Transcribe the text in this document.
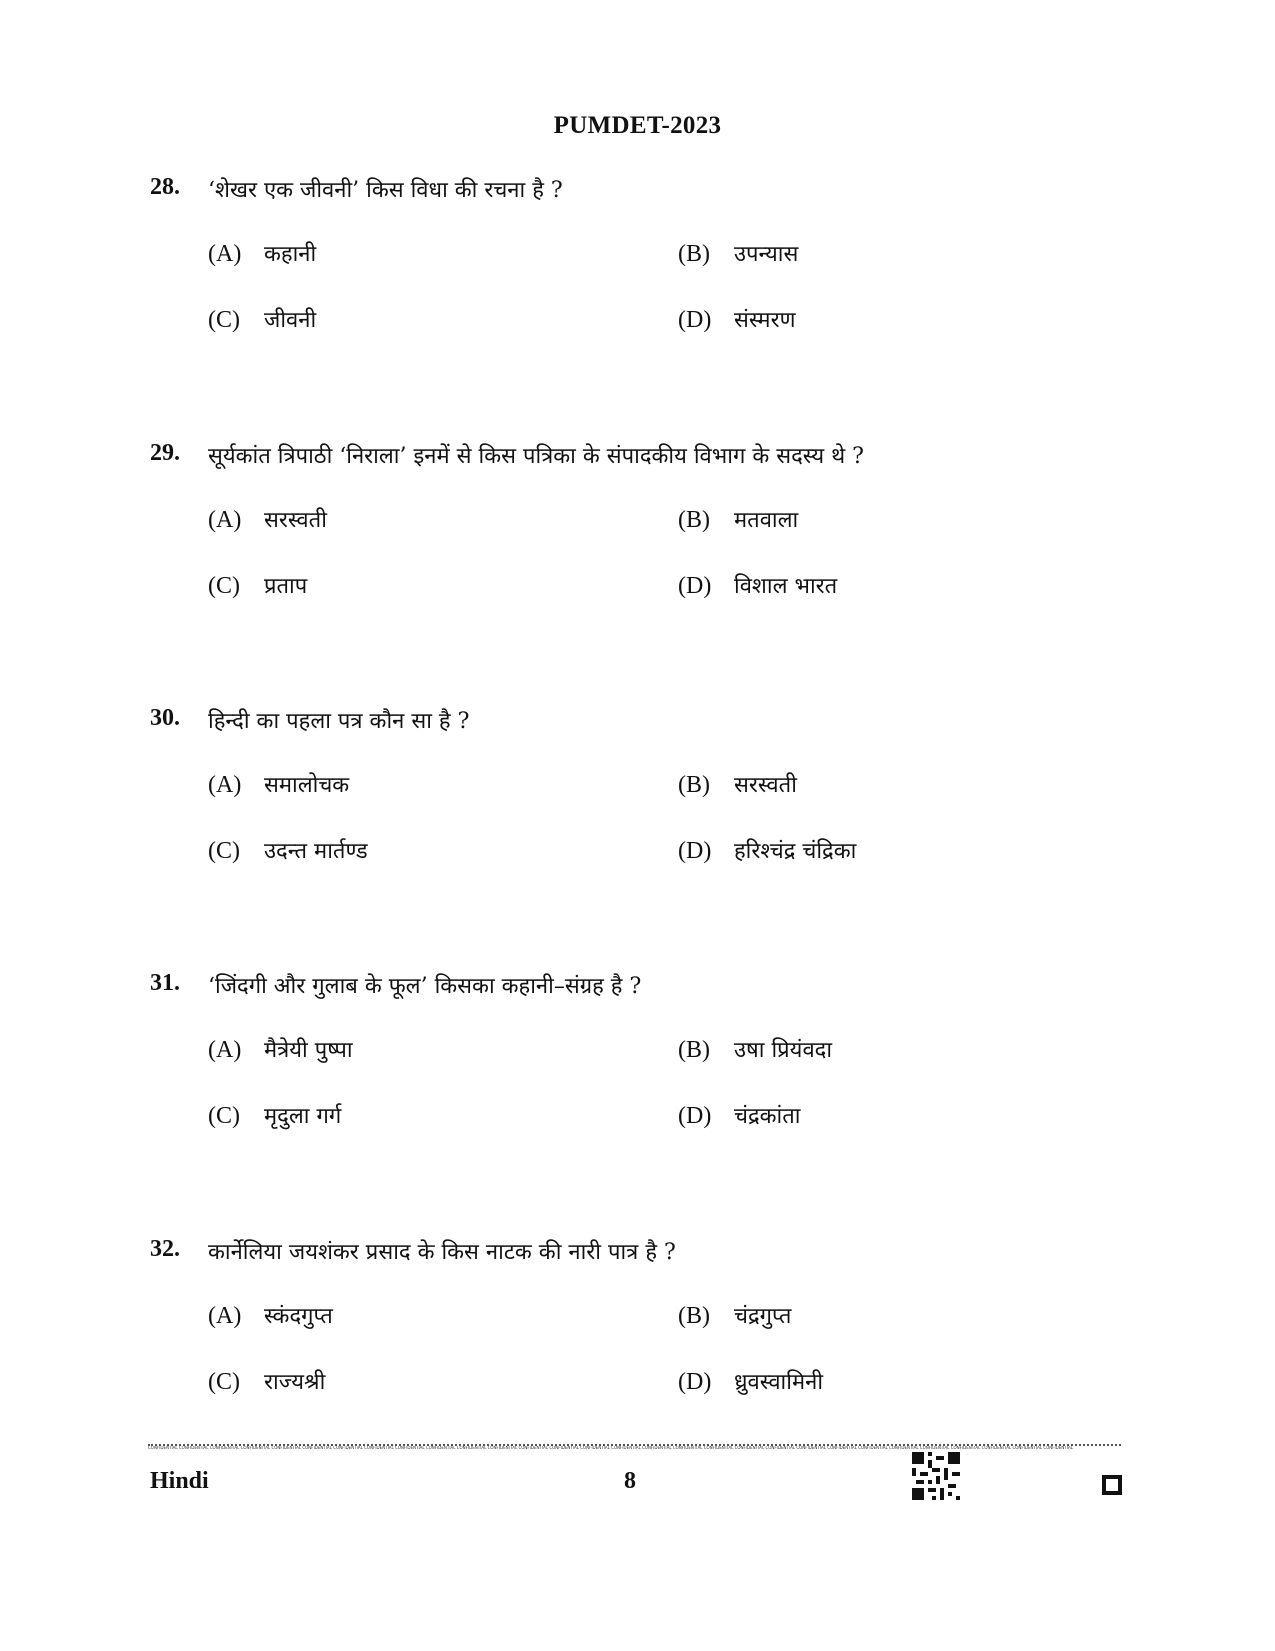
PUMDET-2023
28. ‘शेखर एक जीवनी’ किस विधा की रचना है ?
(A) कहानी	(B) उपन्यास
(C) जीवनी	(D) संस्मरण
29. सूर्यकांत त्रिपाठी ‘निराला’ इनमें से किस पत्रिका के संपादकीय विभाग के सदस्य थे ?
(A) सरस्वती	(B) मतवाला
(C) प्रताप	(D) विशाल भारत
30. हिन्दी का पहला पत्र कौन सा है ?
(A) समालोचक	(B) सरस्वती
(C) उदन्त मार्तण्ड	(D) हरिश्चंद्र चंद्रिका
31. ‘जिंदगी और गुलाब के फूल’ किसका कहानी–संग्रह है ?
(A) मैत्रेयी पुष्पा	(B) उषा प्रियंवदा
(C) मृदुला गर्ग	(D) चंद्रकांता
32. कार्नेलिया जयशंकर प्रसाद के किस नाटक की नारी पात्र है ?
(A) स्कंदगुप्त	(B) चंद्रगुप्त
(C) राज्यश्री	(D) ध्रुवस्वामिनी
CONFIDENTIAL CONFIDENTIAL CONFIDENTIAL CONFIDENTIAL CONFIDENTIAL CONFIDENTIAL CONFIDENTIAL CONFIDENTIAL CONFIDENTIAL CONFIDENTIAL CONFIDENTIAL CONFIDENTIAL CONFIDENTIAL CONFIDENTIAL CONFIDENTIAL CONFIDENTIAL CONFIDENTIAL CONFIDENTIAL CONFIDENTIAL CONFIDENTIAL CONFIDENTIAL CONFIDENTIAL CONFIDENTIAL CONFIDENTIAL CONFIDENTIAL CONFIDENTIAL CONFIDENTIAL CONFIDENTIAL CONFIDENTIAL CONFIDENTIAL
Hindi	8
